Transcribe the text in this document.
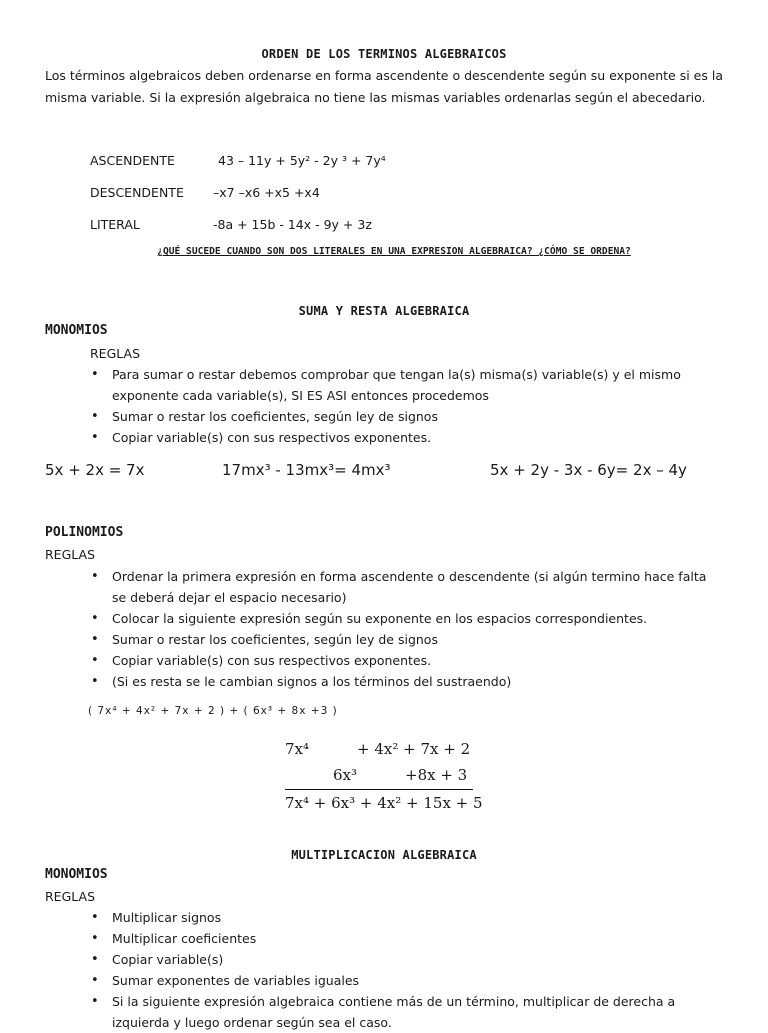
ORDEN DE LOS TERMINOS ALGEBRAICOS
Los términos algebraicos deben ordenarse en forma ascendente o descendente según su exponente si es la misma variable. Si la expresión algebraica no tiene las mismas variables ordenarlas según el abecedario.
ASCENDENTE	43 – 11y + 5y² - 2y ³ + 7y⁴
DESCENDENTE –x7 –x6 +x5 +x4
LITERAL	-8a + 15b - 14x - 9y + 3z
¿QUÉ SUCEDE CUANDO SON DOS LITERALES EN UNA EXPRESION ALGEBRAICA? ¿CÓMO SE ORDENA?
SUMA Y RESTA ALGEBRAICA
MONOMIOS
REGLAS
• Para sumar o restar debemos comprobar que tengan la(s) misma(s) variable(s) y el mismo exponente cada variable(s), SI ES ASI entonces procedemos
• Sumar o restar los coeficientes, según ley de signos
• Copiar variable(s) con sus respectivos exponentes.
5x + 2x = 7x	17mx³ - 13mx³= 4mx³	5x + 2y - 3x - 6y= 2x – 4y
POLINOMIOS
REGLAS
• Ordenar la primera expresión en forma ascendente o descendente (si algún termino hace falta se deberá dejar el espacio necesario)
• Colocar la siguiente expresión según su exponente en los espacios correspondientes.
• Sumar o restar los coeficientes, según ley de signos
• Copiar variable(s) con sus respectivos exponentes.
• (Si es resta se le cambian signos a los términos del sustraendo)
( 7x⁴ + 4x² + 7x + 2 ) + ( 6x³ + 8x +3 )
7x⁴	+ 4x² + 7x + 2
6x³	+8x + 3
7x⁴ + 6x³ + 4x² + 15x + 5
MULTIPLICACION ALGEBRAICA
MONOMIOS
REGLAS
• Multiplicar signos
• Multiplicar coeficientes
• Copiar variable(s)
• Sumar exponentes de variables iguales
• Si la siguiente expresión algebraica contiene más de un término, multiplicar de derecha a izquierda y luego ordenar según sea el caso.
